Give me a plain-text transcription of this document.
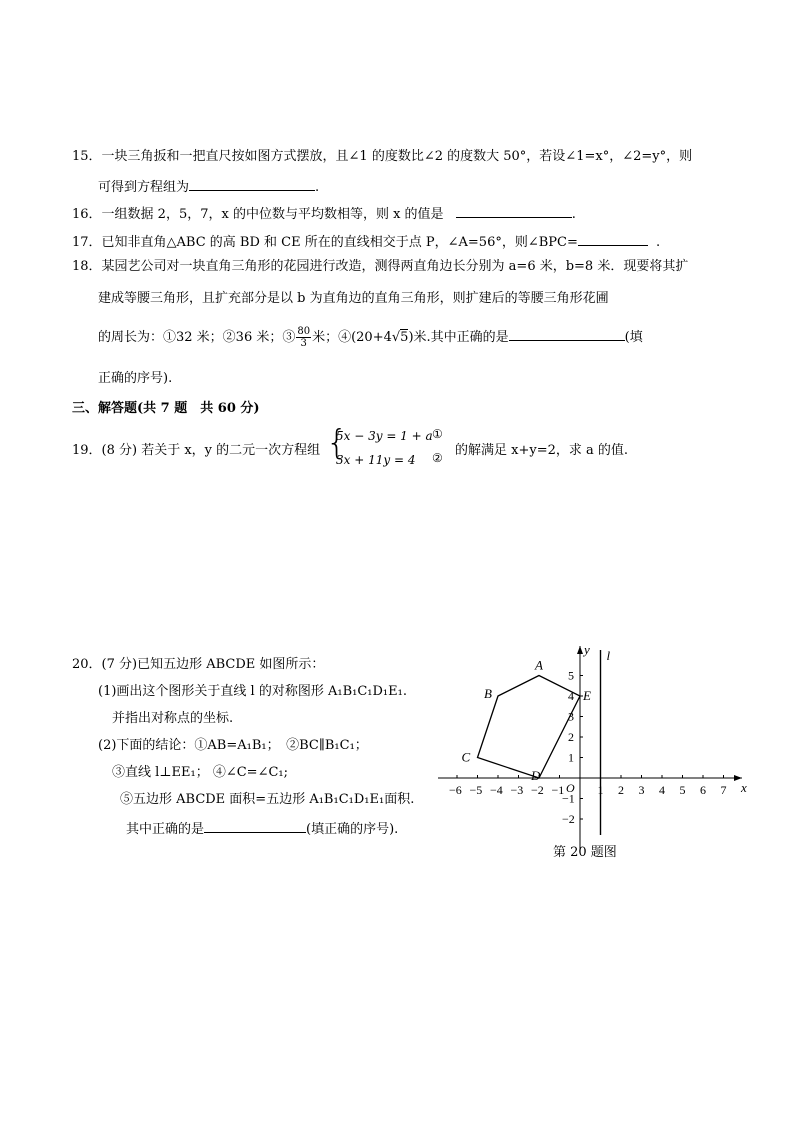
15．一块三角扳和一把直尺按如图方式摆放，且∠1 的度数比∠2 的度数大 50°，若设∠1=x°，∠2=y°，则
可得到方程组为	.
16．一组数据 2，5，7，x 的中位数与平均数相等，则 x 的值是	.
17．已知非直角△ABC 的高 BD 和 CE 所在的直线相交于点 P，∠A=56°，则∠BPC=	.
18．某园艺公司对一块直角三角形的花园进行改造，测得两直角边长分别为 a=6 米，b=8 米．现要将其扩
建成等腰三角形，且扩充部分是以 b 为直角边的直角三角形，则扩建后的等腰三角形花圃
的周长为：①32 米；②36 米；③ $\frac{80}{3}$ 米；④(20+4√5)米.其中正确的是	(填
正确的序号).
三、解答题(共 7 题　共 60 分)
19．(8 分) 若关于 x，y 的二元一次方程组 {
5x − 3y = 1 + a ①
3x + 11y = 4 ② 的解满足 x+y=2，求 a 的值.
20．(7 分)已知五边形 ABCDE 如图所示：
(1)画出这个图形关于直线 l 的对称图形 A₁B₁C₁D₁E₁.
并指出对称点的坐标.
(2)下面的结论：①AB=A₁B₁；　②BC∥B₁C₁；
③直线 l⊥EE₁； ④∠C=∠C₁;
⑤五边形 ABCDE 面积=五边形 A₁B₁C₁D₁E₁面积.
其中正确的是	(填正确的序号).
x
y l
−6 −5 −4 −3 −2 −1	1 2 3 4 5 6 7
5
4
3
2
1
−1
−2
O
A
B
C
D
E
第 20 题图
